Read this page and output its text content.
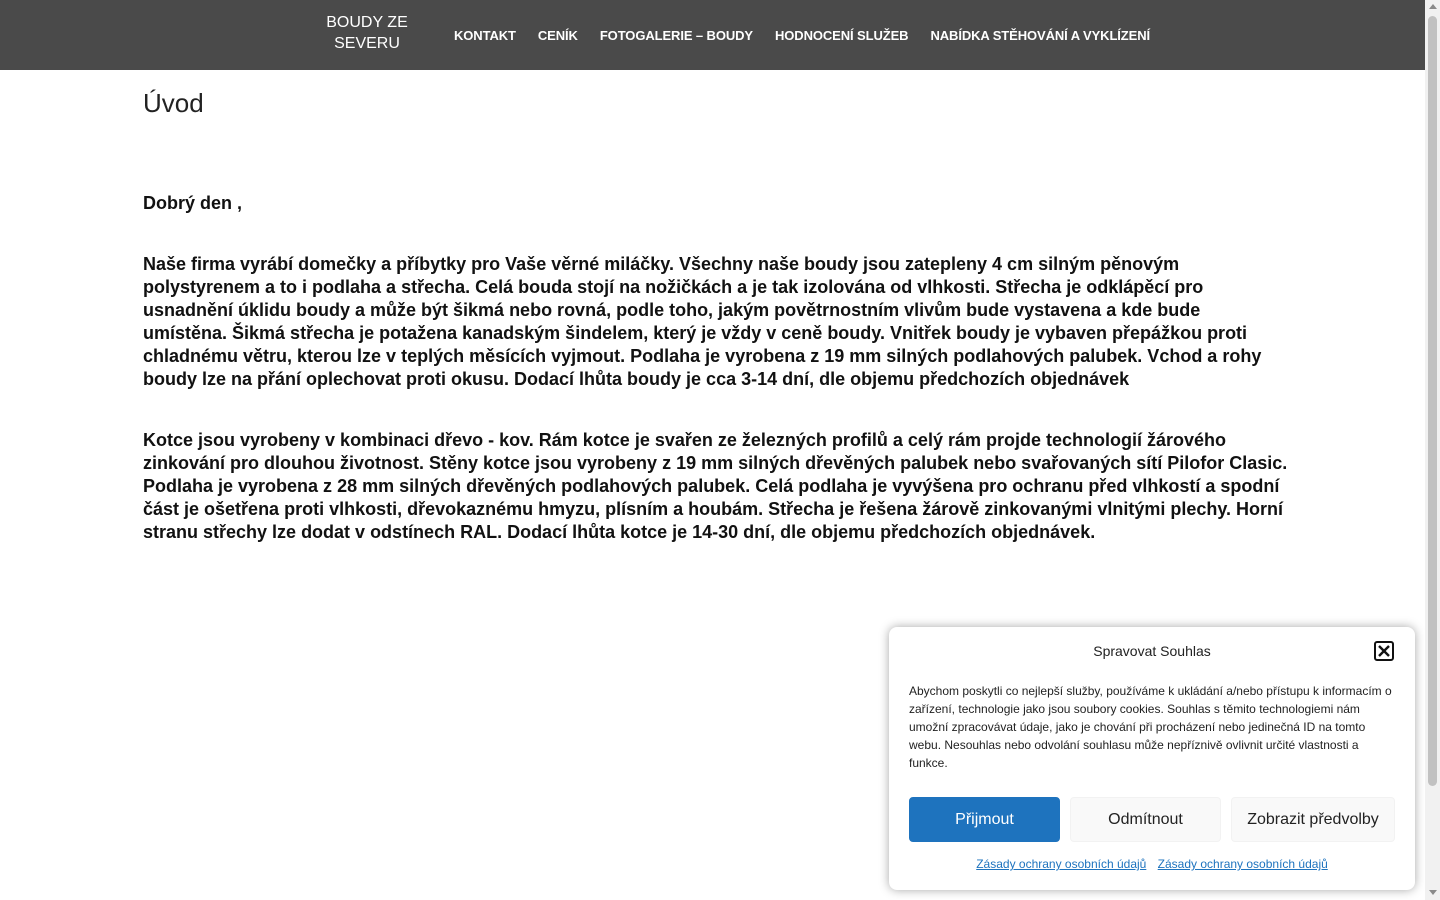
BOUDY ZE
SEVERU	KONTAKT	CENÍK	FOTOGALERIE – BOUDY	HODNOCENÍ SLUŽEB	NABÍDKA STĚHOVÁNÍ A VYKLÍZENÍ
Úvod

Dobrý den ,

Naše firma vyrábí domečky a příbytky pro Vaše věrné miláčky. Všechny naše boudy jsou zatepleny 4 cm silným pěnovým polystyrenem a to i podlaha a střecha. Celá bouda stojí na nožičkách a je tak izolována od vlhkosti. Střecha je odklápěcí pro usnadnění úklidu boudy a může být šikmá nebo rovná, podle toho, jakým povětrnostním vlivům bude vystavena a kde bude umístěna. Šikmá střecha je potažena kanadským šindelem, který je vždy v ceně boudy. Vnitřek boudy je vybaven přepážkou proti chladnému větru, kterou lze v teplých měsících vyjmout. Podlaha je vyrobena z 19 mm silných podlahových palubek. Vchod a rohy boudy lze na přání oplechovat proti okusu. Dodací lhůta boudy je cca 3-14 dní, dle objemu předchozích objednávek

Kotce jsou vyrobeny v kombinaci dřevo - kov. Rám kotce je svařen ze železných profilů a celý rám projde technologií žárového zinkování pro dlouhou životnost. Stěny kotce jsou vyrobeny z 19 mm silných dřevěných palubek nebo svařovaných sítí Pilofor Clasic. Podlaha je vyrobena z 28 mm silných dřevěných podlahových palubek. Celá podlaha je vyvýšena pro ochranu před vlhkostí a spodní část je ošetřena proti vlhkosti, dřevokaznému hmyzu, plísním a houbám. Střecha je řešena žárově zinkovanými vlnitými plechy. Horní stranu střechy lze dodat v odstínech RAL. Dodací lhůta kotce je 14-30 dní, dle objemu předchozích objednávek.

Spravovat Souhlas
Abychom poskytli co nejlepší služby, používáme k ukládání a/nebo přístupu k informacím o zařízení, technologie jako jsou soubory cookies. Souhlas s těmito technologiemi nám umožní zpracovávat údaje, jako je chování při procházení nebo jedinečná ID na tomto webu. Nesouhlas nebo odvolání souhlasu může nepříznivě ovlivnit určité vlastnosti a funkce.
Přijmout	Odmítnout	Zobrazit předvolby
Zásady ochrany osobních údajů Zásady ochrany osobních údajů
